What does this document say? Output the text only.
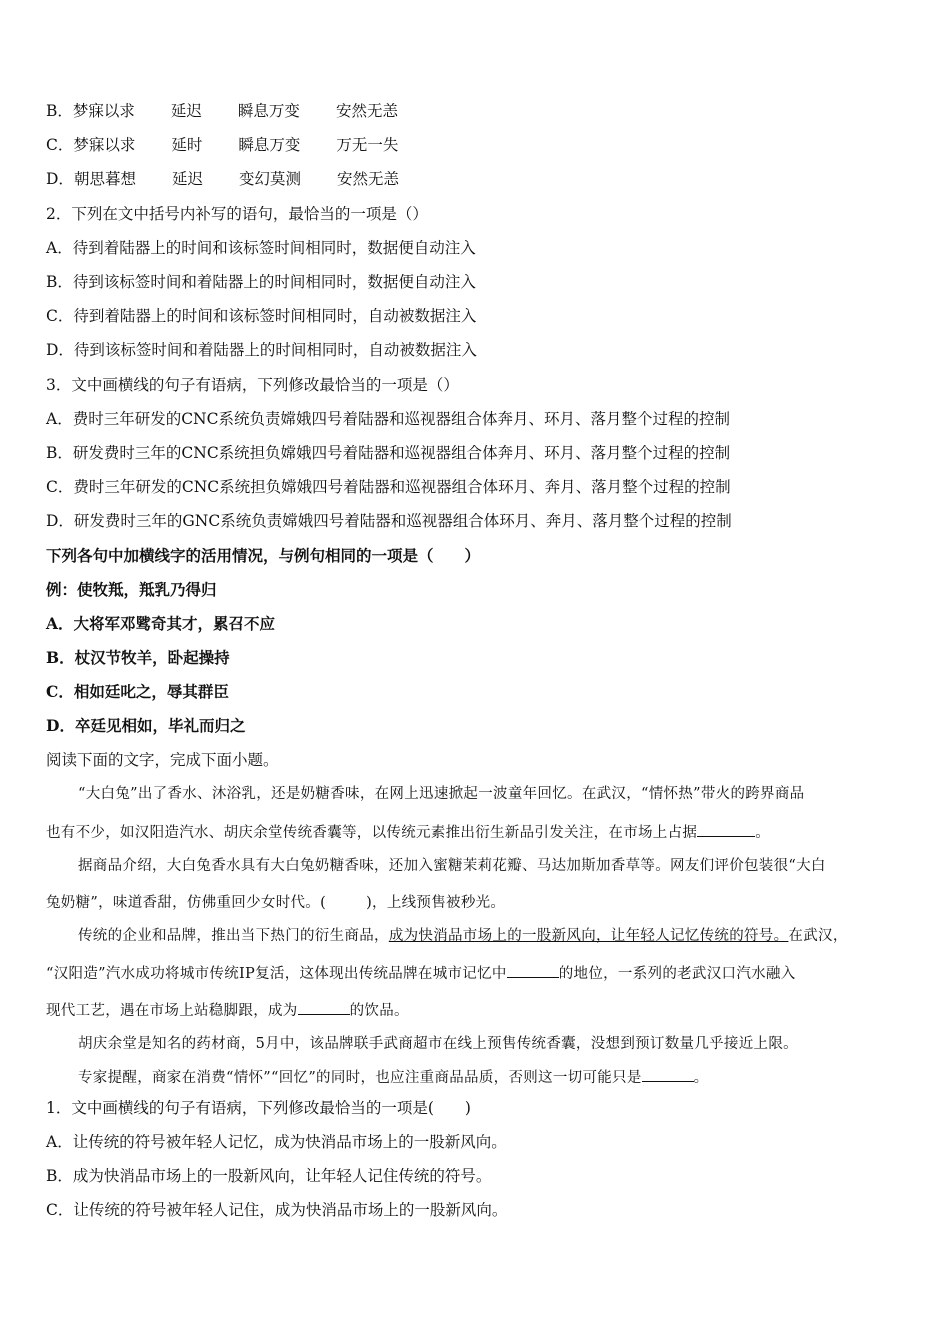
B．梦寐以求 延迟 瞬息万变 安然无恙
C．梦寐以求 延时 瞬息万变 万无一失
D．朝思暮想 延迟 变幻莫测 安然无恙
2．下列在文中括号内补写的语句，最恰当的一项是（）
A．待到着陆器上的时间和该标签时间相同时，数据便自动注入
B．待到该标签时间和着陆器上的时间相同时，数据便自动注入
C．待到着陆器上的时间和该标签时间相同时，自动被数据注入
D．待到该标签时间和着陆器上的时间相同时，自动被数据注入
3．文中画横线的句子有语病，下列修改最恰当的一项是（）
A．费时三年研发的CNC系统负责嫦娥四号着陆器和巡视器组合体奔月、环月、落月整个过程的控制
B．研发费时三年的CNC系统担负嫦娥四号着陆器和巡视器组合体奔月、环月、落月整个过程的控制
C．费时三年研发的CNC系统担负嫦娥四号着陆器和巡视器组合体环月、奔月、落月整个过程的控制
D．研发费时三年的GNC系统负责嫦娥四号着陆器和巡视器组合体环月、奔月、落月整个过程的控制
下列各句中加横线字的活用情况，与例句相同的一项是（　　）
例：使牧羝，羝乳乃得归
A．大将军邓骘奇其才，累召不应
B．杖汉节牧羊，卧起操持
C．相如廷叱之，辱其群臣
D．卒廷见相如，毕礼而归之
阅读下面的文字，完成下面小题。
“大白兔”出了香水、沐浴乳，还是奶糖香味，在网上迅速掀起一波童年回忆。在武汉，“情怀热”带火的跨界商品
也有不少，如汉阳造汽水、胡庆余堂传统香囊等，以传统元素推出衍生新品引发关注，在市场上占据	。
据商品介绍，大白兔香水具有大白兔奶糖香味，还加入蜜糖茉莉花瓣、马达加斯加香草等。网友们评价包装很“大白
兔奶糖”，味道香甜，仿佛重回少女时代。(	)，上线预售被秒光。
传统的企业和品牌，推出当下热门的衍生商品，成为快消品市场上的一股新风向，让年轻人记忆传统的符号。在武汉，
“汉阳造”汽水成功将城市传统IP复活，这体现出传统品牌在城市记忆中	的地位，一系列的老武汉口汽水融入
现代工艺，遇在市场上站稳脚跟，成为	的饮品。
胡庆余堂是知名的药材商，5月中，该品牌联手武商超市在线上预售传统香囊，没想到预订数量几乎接近上限。
专家提醒，商家在消费“情怀”“回忆”的同时，也应注重商品品质，否则这一切可能只是	。
1．文中画横线的句子有语病，下列修改最恰当的一项是(　　)
A．让传统的符号被年轻人记忆，成为快消品市场上的一股新风向。
B．成为快消品市场上的一股新风向，让年轻人记住传统的符号。
C．让传统的符号被年轻人记住，成为快消品市场上的一股新风向。
